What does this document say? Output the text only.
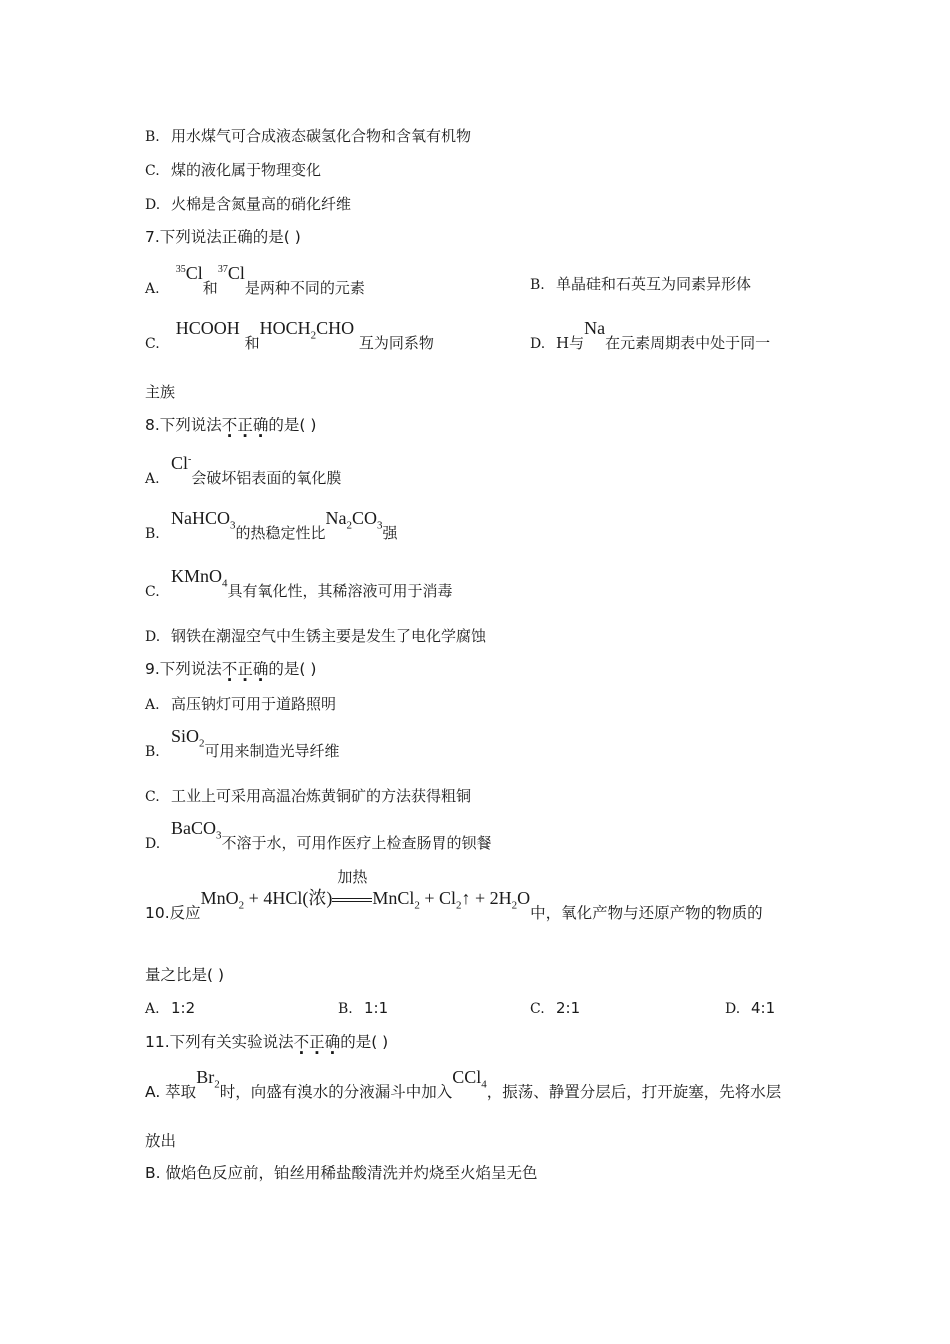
B. 用水煤气可合成液态碳氢化合物和含氧有机物
C. 煤的液化属于物理变化
D. 火棉是含氮量高的硝化纤维
7.下列说法正确的是( )
A. $^{35}$Cl和$^{37}$Cl是两种不同的元素	B. 单晶硅和石英互为同素异形体
C. HCOOH 和$HOCH_2CHO$ 互为同系物	D. H与Na在元素周期表中处于同一
主族
8.下列说法不正确的是( )
A.Cl-会破坏铝表面的氧化膜
B.NaHCO$_3$的热稳定性比$Na_2CO_3$强
C.KMnO$_4$具有氧化性，其稀溶液可用于消毒
D. 钢铁在潮湿空气中生锈主要是发生了电化学腐蚀
9.下列说法不正确的是( )
A. 高压钠灯可用于道路照明
B.SiO$_2$可用来制造光导纤维
C. 工业上可采用高温冶炼黄铜矿的方法获得粗铜
D.BaCO$_3$不溶于水，可用作医疗上检查肠胃的钡餐
10.反应MnO$_2$ + 4HCl(浓)
加热
MnCl$_2$ + $Cl_2↑ + 2H_2O$中，氧化产物与还原产物的物质的
量之比是( )
A. 1:2	B. 1:1	C. 2:1	D. 4:1
11.下列有关实验说法不正确的是( )
A. 萃取$Br_2$时，向盛有溴水的分液漏斗中加入CCl$_4$，振荡、静置分层后，打开旋塞，先将水层
放出
B. 做焰色反应前，铂丝用稀盐酸清洗并灼烧至火焰呈无色
